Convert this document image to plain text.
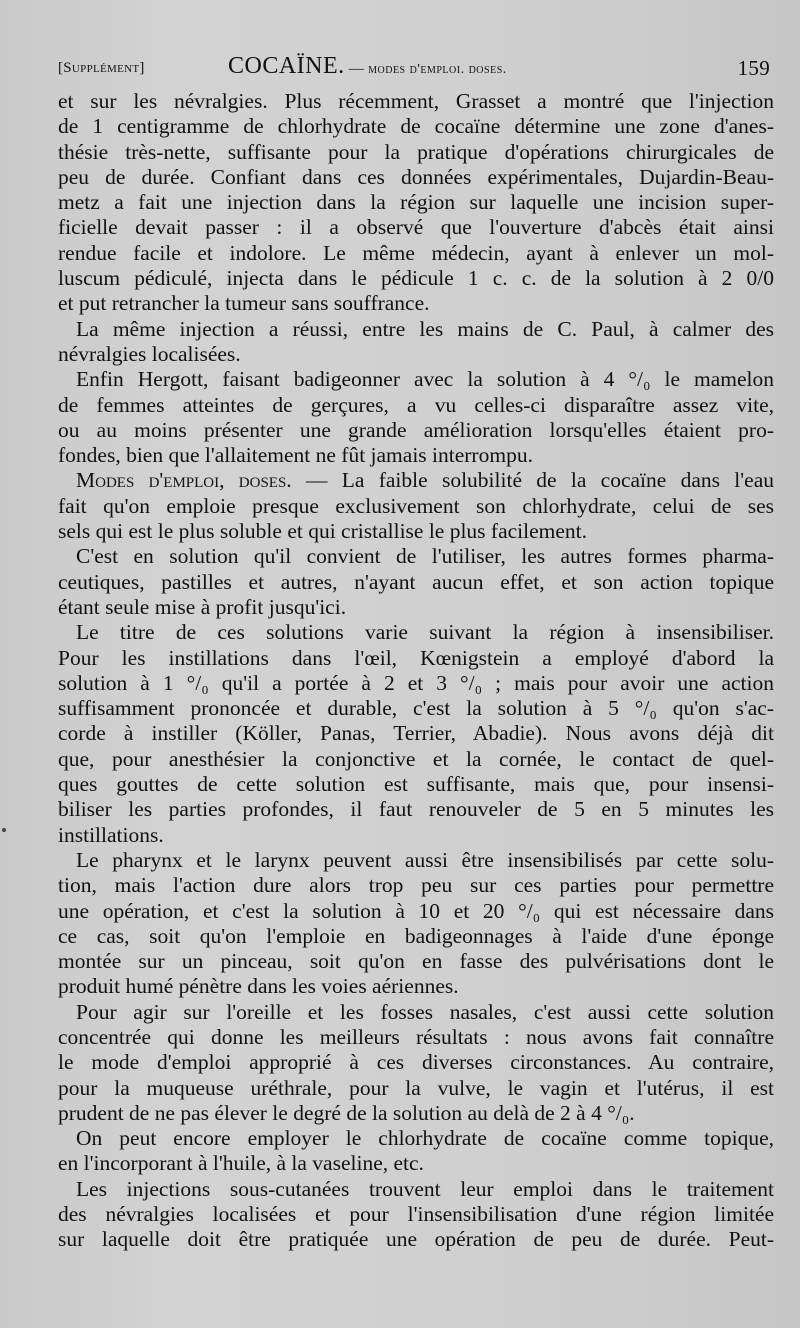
[Supplément]	COCAÏNE. — modes d'emploi. doses.	159
et sur les névralgies. Plus récemment, Grasset a montré que l'injection
de 1 centigramme de chlorhydrate de cocaïne détermine une zone d'anes-
thésie très-nette, suffisante pour la pratique d'opérations chirurgicales de
peu de durée. Confiant dans ces données expérimentales, Dujardin-Beau-
metz a fait une injection dans la région sur laquelle une incision super-
ficielle devait passer : il a observé que l'ouverture d'abcès était ainsi
rendue facile et indolore. Le même médecin, ayant à enlever un mol-
luscum pédiculé, injecta dans le pédicule 1 c. c. de la solution à 2 0/0
et put retrancher la tumeur sans souffrance.
La même injection a réussi, entre les mains de C. Paul, à calmer des
névralgies localisées.
Enfin Hergott, faisant badigeonner avec la solution à 4 °/₀ le mamelon
de femmes atteintes de gerçures, a vu celles-ci disparaître assez vite,
ou au moins présenter une grande amélioration lorsqu'elles étaient pro-
fondes, bien que l'allaitement ne fût jamais interrompu.
Modes d'emploi, doses. — La faible solubilité de la cocaïne dans l'eau
fait qu'on emploie presque exclusivement son chlorhydrate, celui de ses
sels qui est le plus soluble et qui cristallise le plus facilement.
C'est en solution qu'il convient de l'utiliser, les autres formes pharma-
ceutiques, pastilles et autres, n'ayant aucun effet, et son action topique
étant seule mise à profit jusqu'ici.
Le titre de ces solutions varie suivant la région à insensibiliser.
Pour les instillations dans l'œil, Kœnigstein a employé d'abord la
solution à 1 °/₀ qu'il a portée à 2 et 3 °/₀ ; mais pour avoir une action
suffisamment prononcée et durable, c'est la solution à 5 °/₀ qu'on s'ac-
corde à instiller (Köller, Panas, Terrier, Abadie). Nous avons déjà dit
que, pour anesthésier la conjonctive et la cornée, le contact de quel-
ques gouttes de cette solution est suffisante, mais que, pour insensi-
biliser les parties profondes, il faut renouveler de 5 en 5 minutes les
instillations.
Le pharynx et le larynx peuvent aussi être insensibilisés par cette solu-
tion, mais l'action dure alors trop peu sur ces parties pour permettre
une opération, et c'est la solution à 10 et 20 °/₀ qui est nécessaire dans
ce cas, soit qu'on l'emploie en badigeonnages à l'aide d'une éponge
montée sur un pinceau, soit qu'on en fasse des pulvérisations dont le
produit humé pénètre dans les voies aériennes.
Pour agir sur l'oreille et les fosses nasales, c'est aussi cette solution
concentrée qui donne les meilleurs résultats : nous avons fait connaître
le mode d'emploi approprié à ces diverses circonstances. Au contraire,
pour la muqueuse uréthrale, pour la vulve, le vagin et l'utérus, il est
prudent de ne pas élever le degré de la solution au delà de 2 à 4 °/₀.
On peut encore employer le chlorhydrate de cocaïne comme topique,
en l'incorporant à l'huile, à la vaseline, etc.
Les injections sous-cutanées trouvent leur emploi dans le traitement
des névralgies localisées et pour l'insensibilisation d'une région limitée
sur laquelle doit être pratiquée une opération de peu de durée. Peut-
